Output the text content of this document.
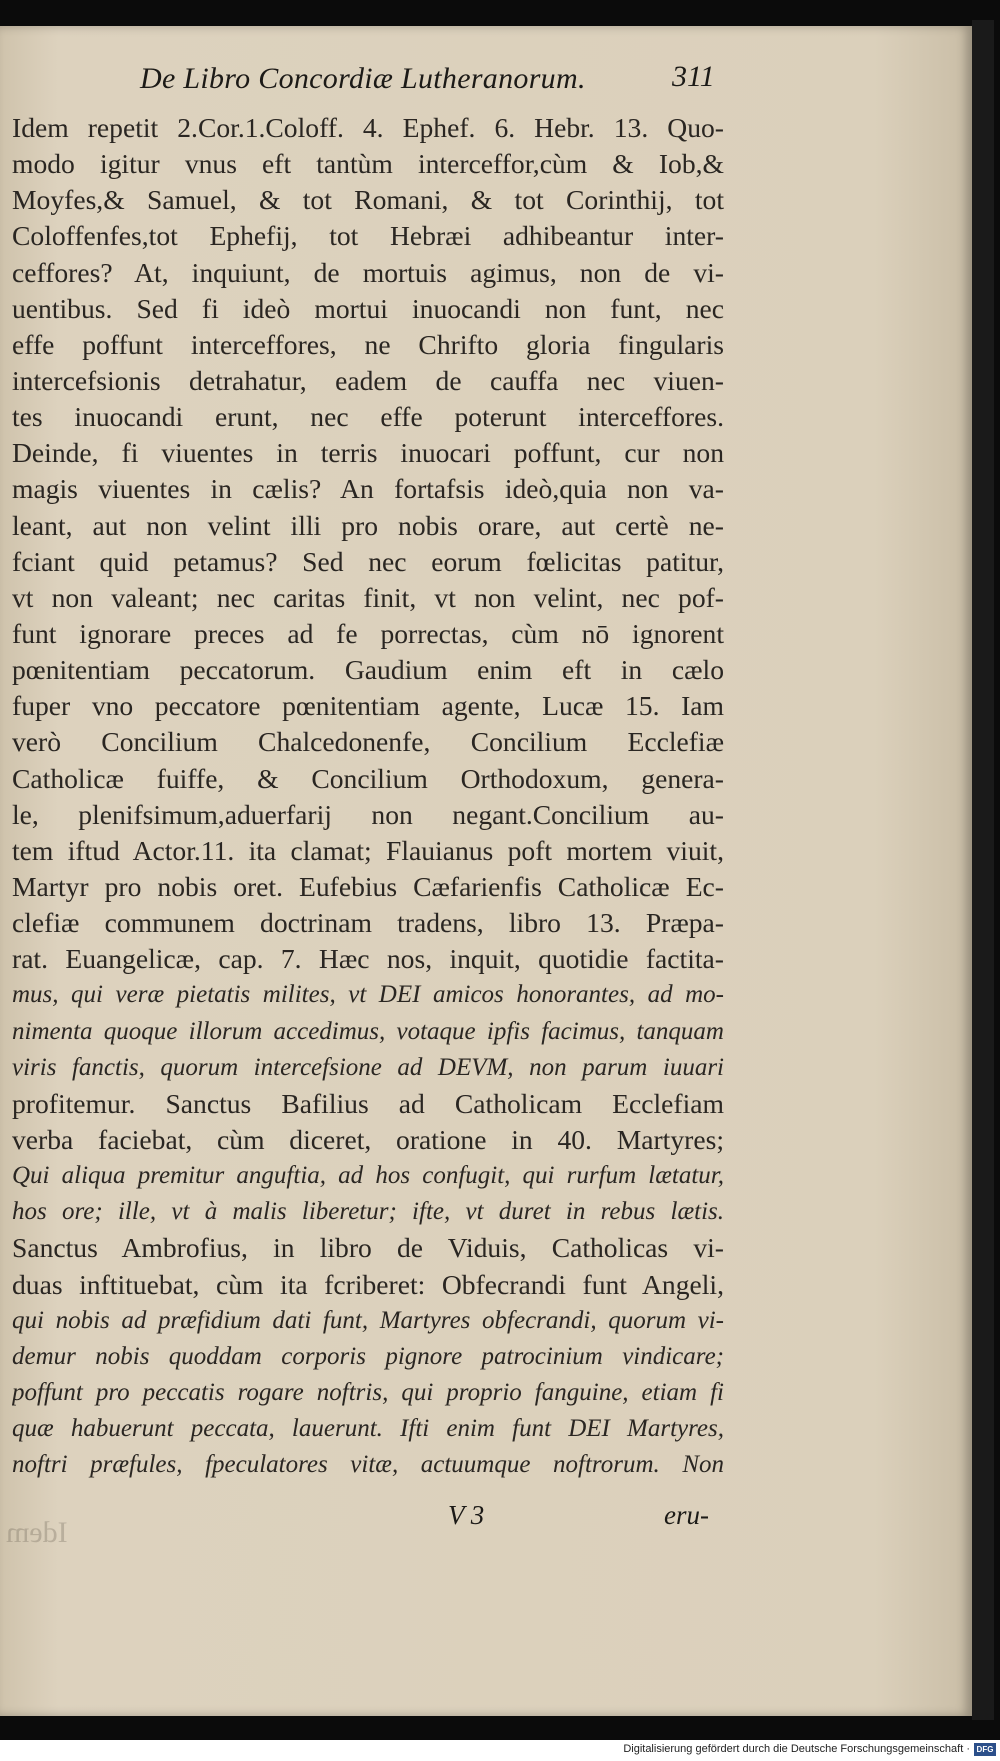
De Libro Concordiæ Lutheranorum.	311
Idem repetit 2.Cor.1.Coloff. 4. Ephef. 6. Hebr. 13. Quo-
modo igitur vnus eft tantùm interceffor,cùm & Iob,&
Moyfes,& Samuel, & tot Romani, & tot Corinthij, tot
Coloffenfes,tot Ephefij, tot Hebræi adhibeantur inter-
ceffores? At, inquiunt, de mortuis agimus, non de vi-
uentibus. Sed fi ideò mortui inuocandi non funt, nec
effe poffunt interceffores, ne Chrifto gloria fingularis
intercefsionis detrahatur, eadem de cauffa nec viuen-
tes inuocandi erunt, nec effe poterunt interceffores.
Deinde, fi viuentes in terris inuocari poffunt, cur non
magis viuentes in cælis? An fortafsis ideò,quia non va-
leant, aut non velint illi pro nobis orare, aut certè ne-
fciant quid petamus? Sed nec eorum fœlicitas patitur,
vt non valeant; nec caritas finit, vt non velint, nec pof-
funt ignorare preces ad fe porrectas, cùm nō ignorent
pœnitentiam peccatorum. Gaudium enim eft in cælo
fuper vno peccatore pœnitentiam agente, Lucæ 15. Iam
verò Concilium Chalcedonenfe, Concilium Ecclefiæ
Catholicæ fuiffe, & Concilium Orthodoxum, genera-
le, plenifsimum,aduerfarij non negant.Concilium au-
tem iftud Actor.11. ita clamat; Flauianus poft mortem viuit,
Martyr pro nobis oret. Eufebius Cæfarienfis Catholicæ Ec-
clefiæ communem doctrinam tradens, libro 13. Præpa-
rat. Euangelicæ, cap. 7. Hæc nos, inquit, quotidie factita-
mus, qui veræ pietatis milites, vt DEI amicos honorantes, ad mo-
nimenta quoque illorum accedimus, votaque ipfis facimus, tanquam
viris fanctis, quorum intercefsione ad DEVM, non parum iuuari
profitemur. Sanctus Bafilius ad Catholicam Ecclefiam
verba faciebat, cùm diceret, oratione in 40. Martyres;
Qui aliqua premitur anguftia, ad hos confugit, qui rurfum lætatur,
hos ore; ille, vt à malis liberetur; ifte, vt duret in rebus lætis.
Sanctus Ambrofius, in libro de Viduis, Catholicas vi-
duas inftituebat, cùm ita fcriberet: Obfecrandi funt Angeli,
qui nobis ad præfidium dati funt, Martyres obfecrandi, quorum vi-
demur nobis quoddam corporis pignore patrocinium vindicare;
poffunt pro peccatis rogare noftris, qui proprio fanguine, etiam fi
quæ habuerunt peccata, lauerunt. Ifti enim funt DEI Martyres,
noftri præfules, fpeculatores vitæ, actuumque noftrorum. Non
Idem
V 3	eru-
Digitalisierung gefördert durch die Deutsche Forschungsgemeinschaft · DFG
